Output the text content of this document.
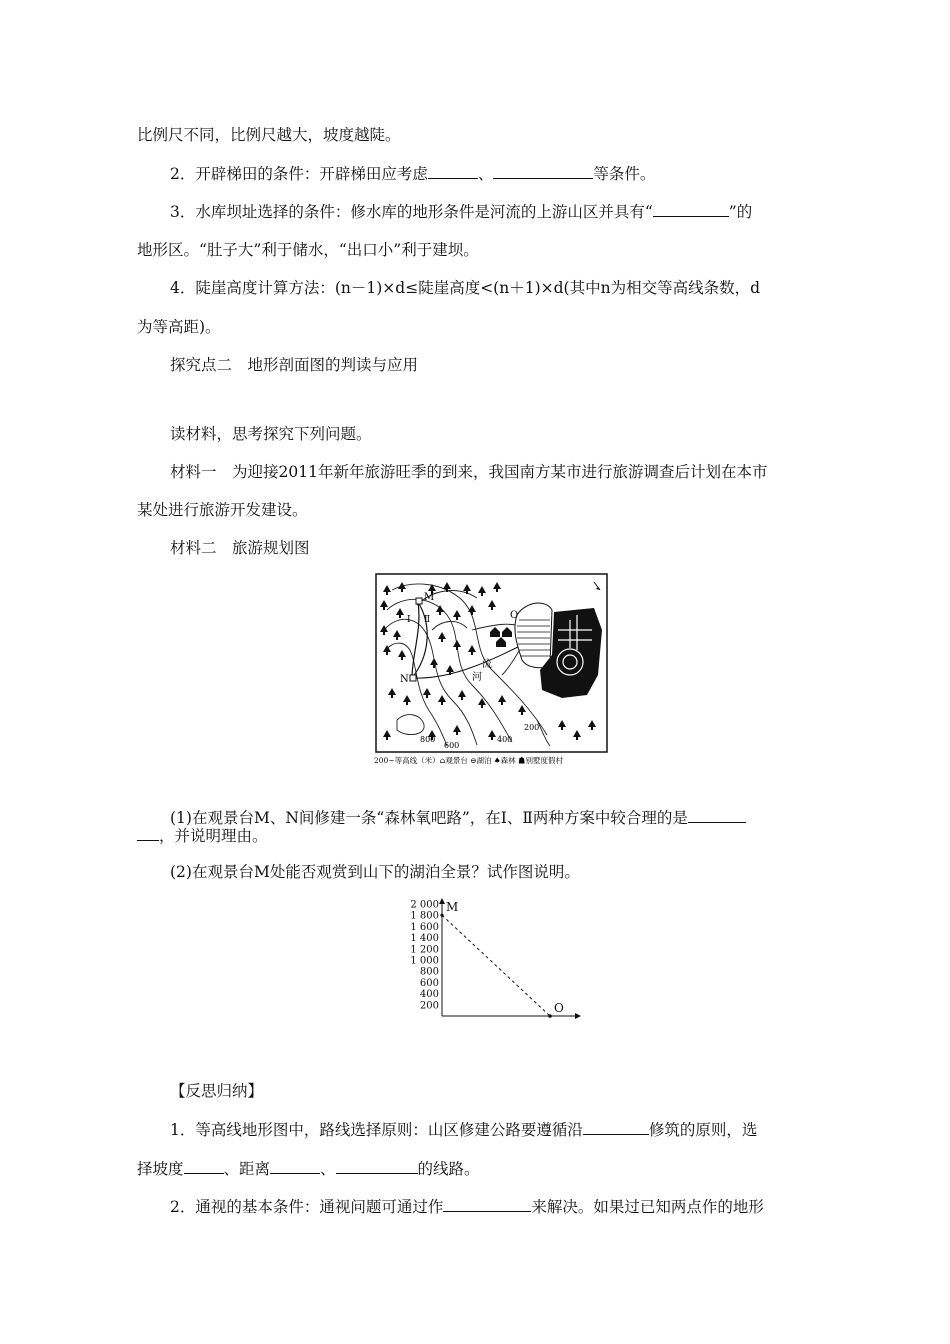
比例尺不同，比例尺越大，坡度越陡。
2．开辟梯田的条件：开辟梯田应考虑	、	等条件。
3．水库坝址选择的条件：修水库的地形条件是河流的上游山区并具有“	”的
地形区。“肚子大”利于储水，“出口小”利于建坝。
4．陡崖高度计算方法：(n－1)×d≤陡崖高度<(n＋1)×d(其中n为相交等高线条数，d
为等高距)。
探究点二　地形剖面图的判读与应用
读材料，思考探究下列问题。
材料一　为迎接2011年新年旅游旺季的到来，我国南方某市进行旅游调查后计划在本市
某处进行旅游开发建设。
材料二　旅游规划图
M
N
O
Ⅰ Ⅱ
河
流
800
600
400
200
200~等高线（米）⌂观景台 ⊖湖泊 ♠森林 ☗别墅度假村
(1)在观景台M、N间修建一条“森林氧吧路”，在Ⅰ、Ⅱ两种方案中较合理的是
，并说明理由。
(2)在观景台M处能否观赏到山下的湖泊全景？试作图说明。
2 000
1 800
1 600
1 400
1 200
1 000
800
600
400
200
M
O
【反思归纳】
1．等高线地形图中，路线选择原则：山区修建公路要遵循沿	修筑的原则，选
择坡度	、距离	、	的线路。
2．通视的基本条件：通视问题可通过作	来解决。如果过已知两点作的地形
